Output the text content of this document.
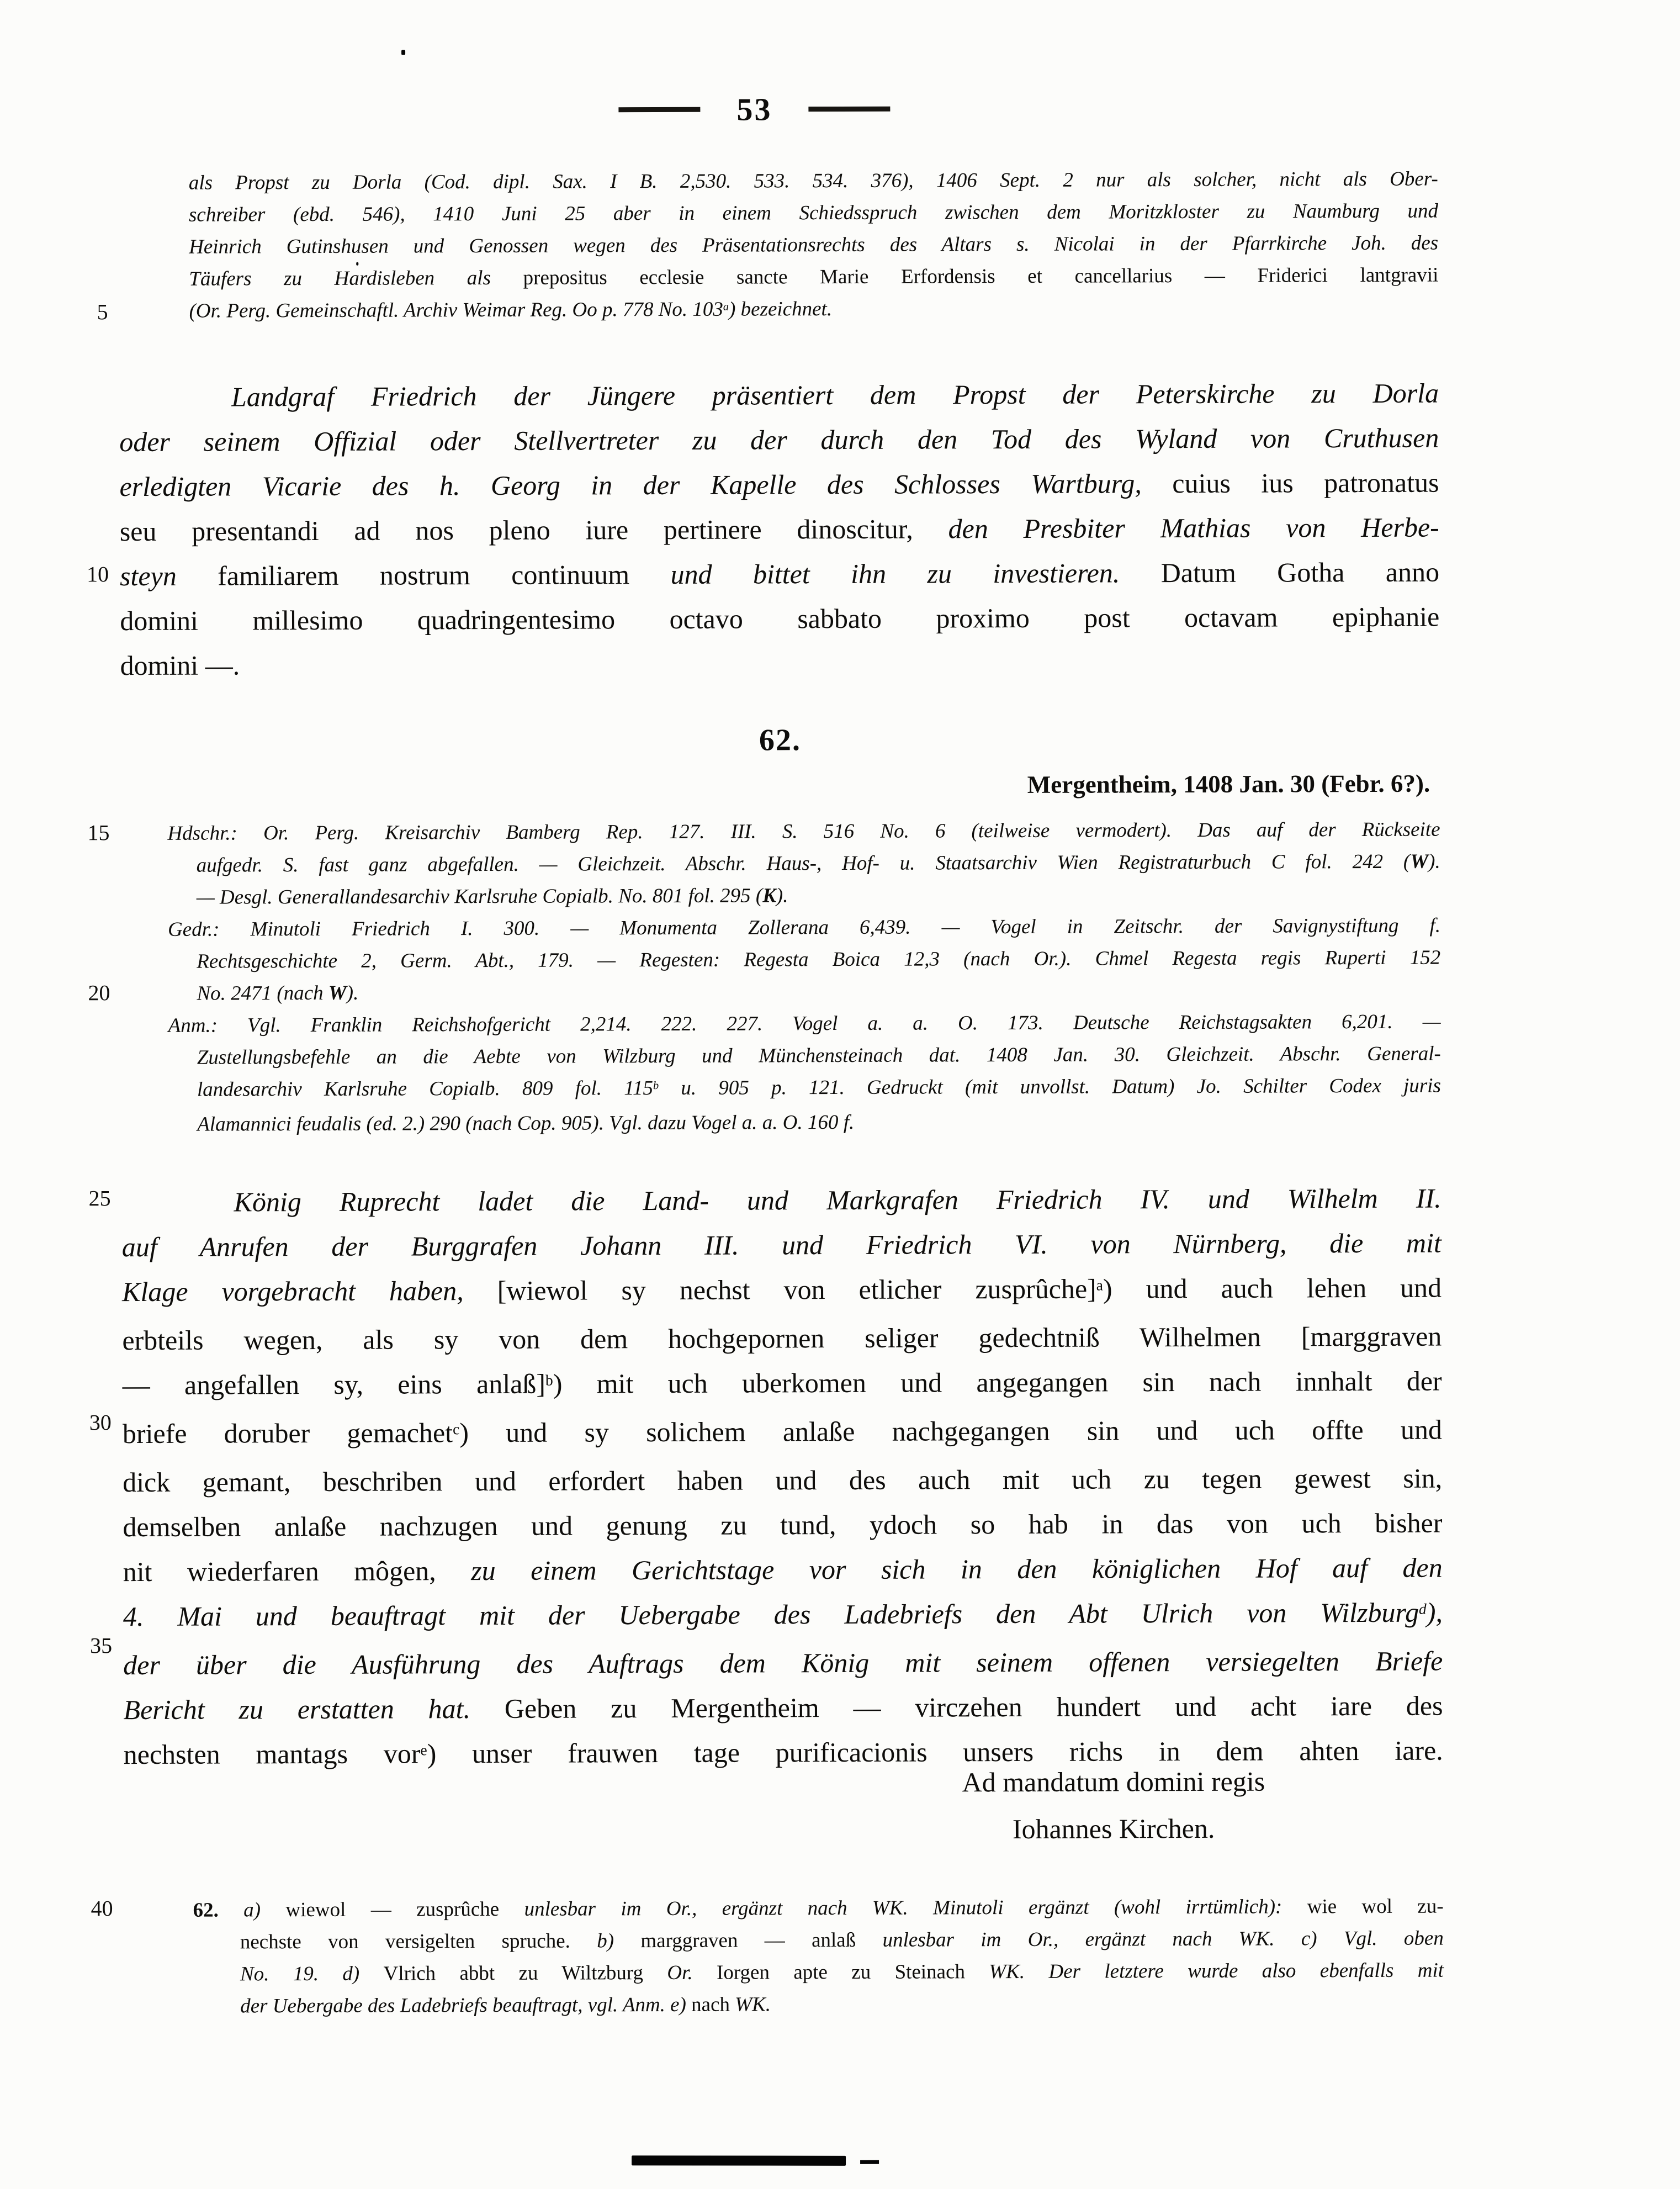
53
5
10
15
20
25
30
35
40
als Propst zu Dorla (Cod. dipl. Sax. I B. 2,530. 533. 534. 376), 1406 Sept. 2 nur als solcher, nicht als Ober-
schreiber (ebd. 546), 1410 Juni 25 aber in einem Schiedsspruch zwischen dem Moritzkloster zu Naumburg und
Heinrich Gutinshusen und Genossen wegen des Präsentationsrechts des Altars s. Nicolai in der Pfarrkirche Joh. des
Täufers zu Hardisleben als prepositus ecclesie sancte Marie Erfordensis et cancellarius — Friderici lantgravii
(Or. Perg. Gemeinschaftl. Archiv Weimar Reg. Oo p. 778 No. 103$^a$) bezeichnet.
Landgraf Friedrich der Jüngere präsentiert dem Propst der Peterskirche zu Dorla
oder seinem Offizial oder Stellvertreter zu der durch den Tod des Wyland von Cruthusen
erledigten Vicarie des h. Georg in der Kapelle des Schlosses Wartburg, cuius ius patronatus
seu presentandi ad nos pleno iure pertinere dinoscitur, den Presbiter Mathias von Herbe-
steyn familiarem nostrum continuum und bittet ihn zu investieren. Datum Gotha anno
domini millesimo quadringentesimo octavo sabbato proximo post octavam epiphanie
domini —.
62.
Mergentheim, 1408 Jan. 30 (Febr. 6?).
Hdschr.: Or. Perg. Kreisarchiv Bamberg Rep. 127. III. S. 516 No. 6 (teilweise vermodert). Das auf der Rückseite
aufgedr. S. fast ganz abgefallen. — Gleichzeit. Abschr. Haus-, Hof- u. Staatsarchiv Wien Registraturbuch C fol. 242 (W).
— Desgl. Generallandesarchiv Karlsruhe Copialb. No. 801 fol. 295 (K).
Gedr.: Minutoli Friedrich I. 300. — Monumenta Zollerana 6,439. — Vogel in Zeitschr. der Savignystiftung f.
Rechtsgeschichte 2, Germ. Abt., 179. — Regesten: Regesta Boica 12,3 (nach Or.). Chmel Regesta regis Ruperti 152
No. 2471 (nach W).
Anm.: Vgl. Franklin Reichshofgericht 2,214. 222. 227. Vogel a. a. O. 173. Deutsche Reichstagsakten 6,201. —
Zustellungsbefehle an die Aebte von Wilzburg und Münchensteinach dat. 1408 Jan. 30. Gleichzeit. Abschr. General-
landesarchiv Karlsruhe Copialb. 809 fol. 115$^b$ u. 905 p. 121. Gedruckt (mit unvollst. Datum) Jo. Schilter Codex juris
Alamannici feudalis (ed. 2.) 290 (nach Cop. 905). Vgl. dazu Vogel a. a. O. 160 f.
König Ruprecht ladet die Land- und Markgrafen Friedrich IV. und Wilhelm II.
auf Anrufen der Burggrafen Johann III. und Friedrich VI. von Nürnberg, die mit
Klage vorgebracht haben, [wiewol sy nechst von etlicher zusprûche]$^a$) und auch lehen und
erbteils wegen, als sy von dem hochgepornen seliger gedechtniß Wilhelmen [marggraven
— angefallen sy, eins anlaß]$^b$) mit uch uberkomen und angegangen sin nach innhalt der
briefe doruber gemachet$^c$) und sy solichem anlaße nachgegangen sin und uch offte und
dick gemant, beschriben und erfordert haben und des auch mit uch zu tegen gewest sin,
demselben anlaße nachzugen und genung zu tund, ydoch so hab in das von uch bisher
nit wiederfaren môgen, zu einem Gerichtstage vor sich in den königlichen Hof auf den
4. Mai und beauftragt mit der Uebergabe des Ladebriefs den Abt Ulrich von Wilzburg$^d$),
der über die Ausführung des Auftrags dem König mit seinem offenen versiegelten Briefe
Bericht zu erstatten hat. Geben zu Mergentheim — virczehen hundert und acht iare des
nechsten mantags vor$^e$) unser frauwen tage purificacionis unsers richs in dem ahten iare.
Ad mandatum domini regis
Iohannes Kirchen.
62. a) wiewol — zusprûche unlesbar im Or., ergänzt nach WK. Minutoli ergänzt (wohl irrtümlich): wie wol zu-
nechste von versigelten spruche. b) marggraven — anlaß unlesbar im Or., ergänzt nach WK. c) Vgl. oben
No. 19. d) Vlrich abbt zu Wiltzburg Or. Iorgen apte zu Steinach WK. Der letztere wurde also ebenfalls mit
der Uebergabe des Ladebriefs beauftragt, vgl. Anm. e) nach WK.
